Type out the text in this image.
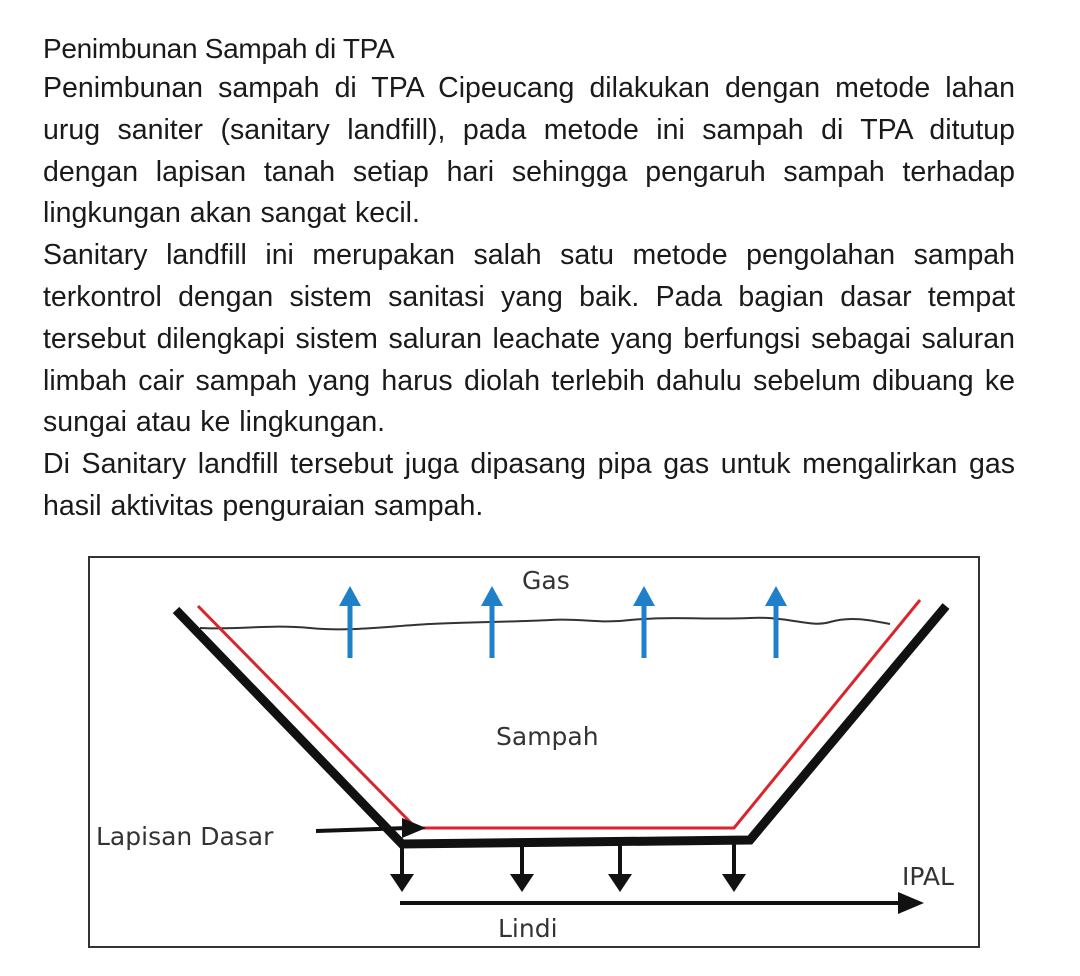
Penimbunan Sampah di TPA

Penimbunan sampah di TPA Cipeucang dilakukan dengan metode lahan urug saniter (sanitary landfill), pada metode ini sampah di TPA ditutup dengan lapisan tanah setiap hari sehingga pengaruh sampah terhadap lingkungan akan sangat kecil.

Sanitary landfill ini merupakan salah satu metode pengolahan sampah terkontrol dengan sistem sanitasi yang baik. Pada bagian dasar tempat tersebut dilengkapi sistem saluran leachate yang berfungsi sebagai saluran limbah cair sampah yang harus diolah terlebih dahulu sebelum dibuang ke sungai atau ke lingkungan.

Di Sanitary landfill tersebut juga dipasang pipa gas untuk mengalirkan gas hasil aktivitas penguraian sampah.

Gas
Sampah
Lapisan Dasar
IPAL
Lindi
